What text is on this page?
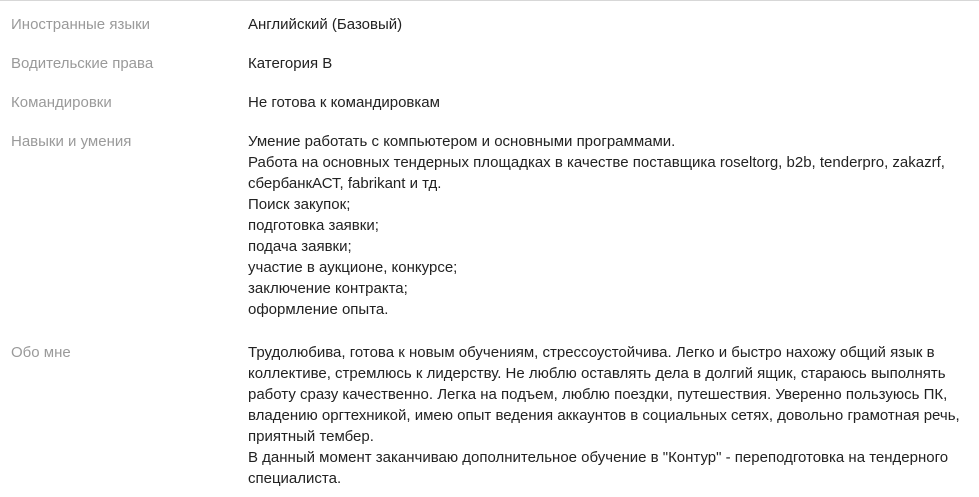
Иностранные языки	Английский (Базовый)
Водительские права	Категория B
Командировки	Не готова к командировкам
Навыки и умения	Умение работать с компьютером и основными программами.
Работа на основных тендерных площадках в качестве поставщика roseltorg, b2b, tenderpro, zakazrf,
сбербанкАСТ, fabrikant и тд.
Поиск закупок;
подготовка заявки;
подача заявки;
участие в аукционе, конкурсе;
заключение контракта;
оформление опыта.
Обо мне	Трудолюбива, готова к новым обучениям, стрессоустойчива. Легко и быстро нахожу общий язык в
коллективе, стремлюсь к лидерству. Не люблю оставлять дела в долгий ящик, стараюсь выполнять
работу сразу качественно. Легка на подъем, люблю поездки, путешествия. Уверенно пользуюсь ПК,
владению оргтехникой, имею опыт ведения аккаунтов в социальных сетях, довольно грамотная речь,
приятный тембер.
В данный момент заканчиваю дополнительное обучение в "Контур" - переподготовка на тендерного
специалиста.
